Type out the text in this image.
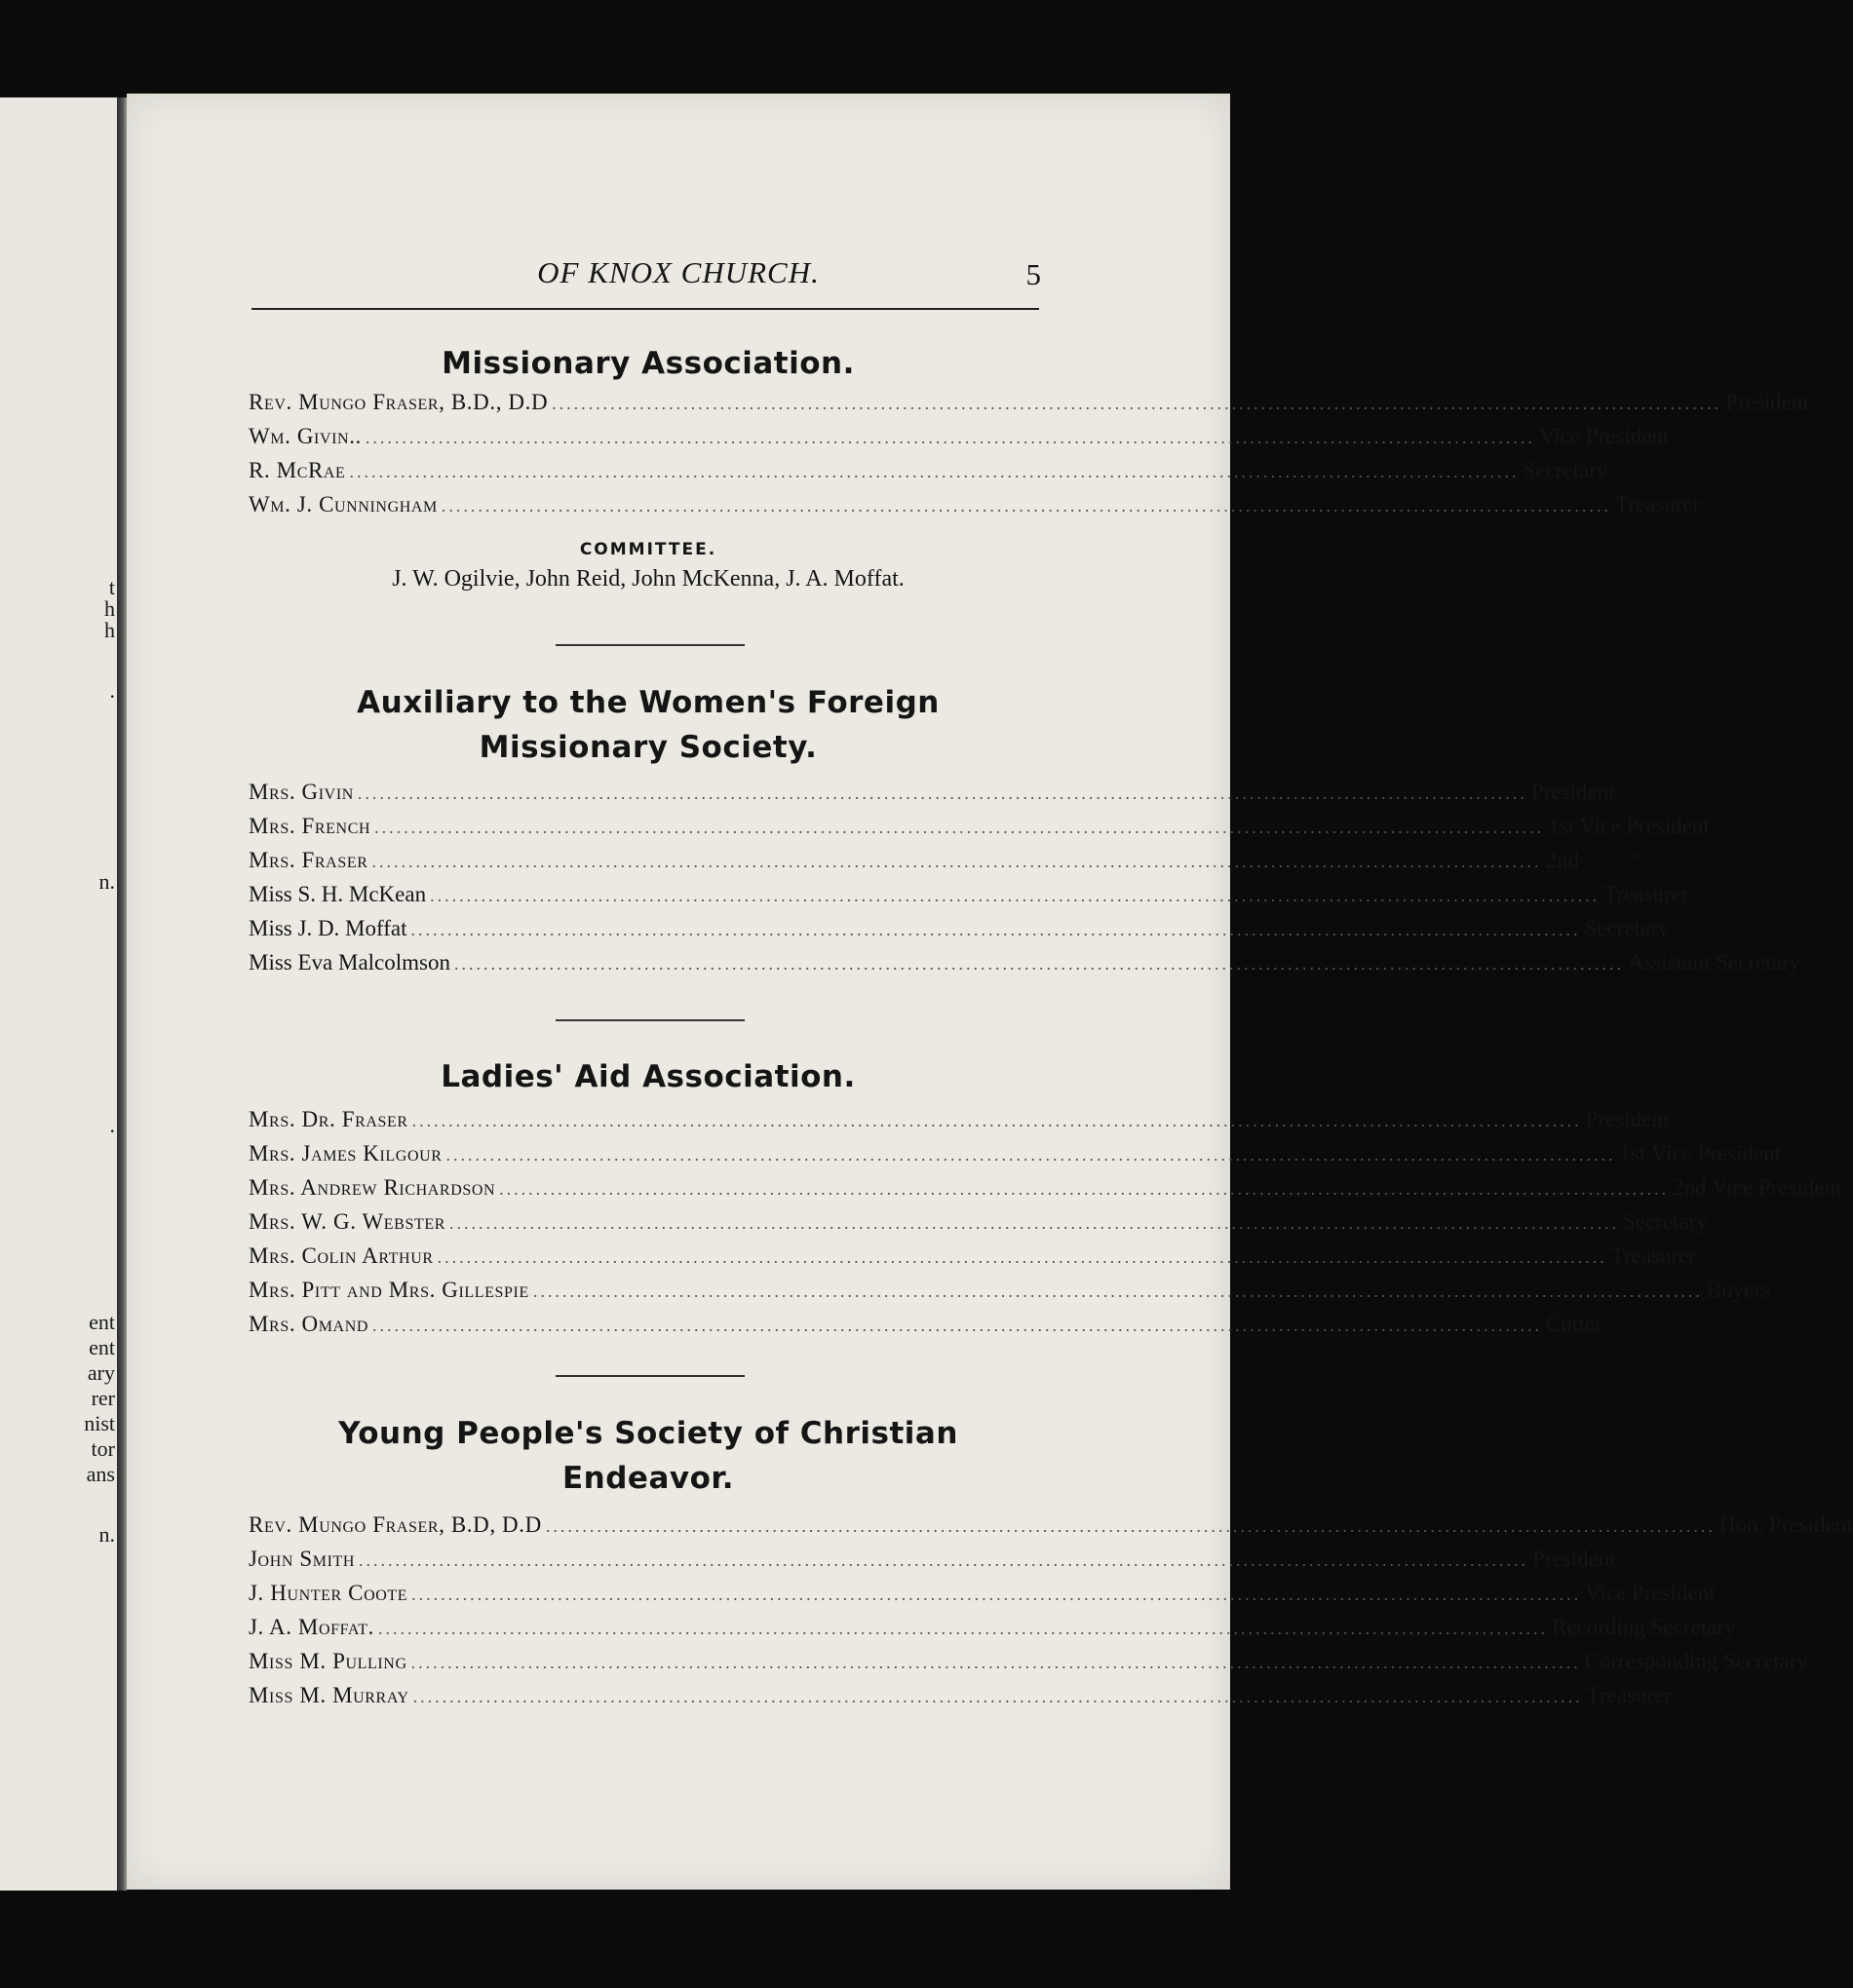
t
h
h
.
n.
.
ent
ent
ary
rer
nist
tor
ans
n.
OF KNOX CHURCH.	5
Missionary Association.
Rev. Mungo Fraser, B.D., D.D ................................................................................................................................................................ President
Wm. Givin.. ................................................................................................................................................................ Vice President
R. McRae ................................................................................................................................................................ Secretary
Wm. J. Cunningham ................................................................................................................................................................ Treasurer
COMMITTEE.
J. W. Ogilvie, John Reid, John McKenna, J. A. Moffat.
Auxiliary to the Women's Foreign
Missionary Society.
Mrs. Givin ................................................................................................................................................................ President
Mrs. French ................................................................................................................................................................ 1st Vice President
Mrs. Fraser ................................................................................................................................................................ 2nd         “
Miss S. H. McKean ................................................................................................................................................................ Treasurer
Miss J. D. Moffat ................................................................................................................................................................ Secretary
Miss Eva Malcolmson ................................................................................................................................................................ Assistant Secretary
Ladies' Aid Association.
Mrs. Dr. Fraser ................................................................................................................................................................ President
Mrs. James Kilgour ................................................................................................................................................................ 1st Vice President
Mrs. Andrew Richardson ................................................................................................................................................................ 2nd Vice President
Mrs. W. G. Webster ................................................................................................................................................................ Secretary
Mrs. Colin Arthur ................................................................................................................................................................ Treasurer
Mrs. Pitt and Mrs. Gillespie ................................................................................................................................................................ Buyers
Mrs. Omand ................................................................................................................................................................ Cutter
Young People's Society of Christian
Endeavor.
Rev. Mungo Fraser, B.D, D.D ................................................................................................................................................................ Hon. President
John Smith ................................................................................................................................................................ President
J. Hunter Coote ................................................................................................................................................................ Vice President
J. A. Moffat. ................................................................................................................................................................ Recording Secretary
Miss M. Pulling ................................................................................................................................................................ Corresponding Secretary
Miss M. Murray ................................................................................................................................................................ Treasurer
